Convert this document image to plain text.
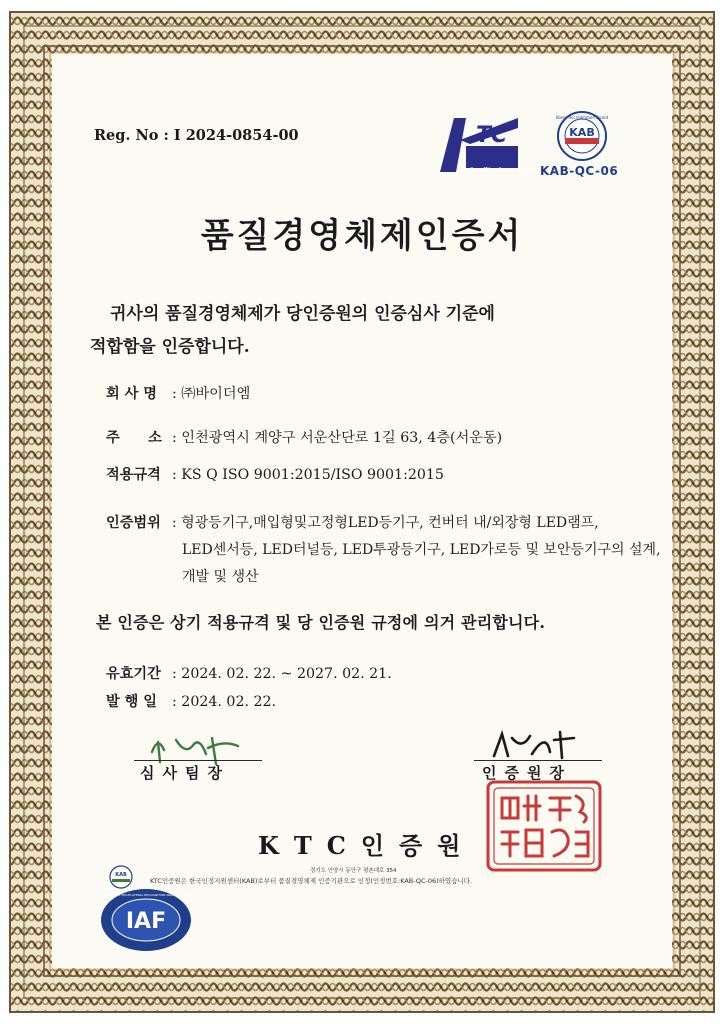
Reg. No : I 2024-0854-00	TC
Quality Assurance
Korea Accreditation Board
KAB
KAB-QC-06
품질경영체제인증서
귀사의 품질경영체제가 당인증원의 인증심사 기준에
적합함을 인증합니다.
회 사 명 : ㈜바이더엠
주　　소 : 인천광역시 계양구 서운산단로 1길 63, 4층(서운동)
적용규격 : KS Q ISO 9001:2015/ISO 9001:2015
인증범위 : 형광등기구,매입형및고정형LED등기구, 컨버터 내/외장형 LED램프,
LED센서등, LED터널등, LED투광등기구, LED가로등 및 보안등기구의 설계,
개발 및 생산
본 인증은 상기 적용규격 및 당 인증원 규정에 의거 관리합니다.
유효기간 : 2024. 02. 22. ~ 2027. 02. 21.
발 행 일 : 2024. 02. 22.
심사팀장	인증원장
KTC인증원
KAB
경기도 안양시 동안구 평촌대로 354
KTC인증원은 한국인정지원센터(KAB)로부터 품질경영체제 인증기관으로 인정(인정번호:KAB-QC-06)하였습니다.
MEMBER OF MULTILATERAL RECOGNITION ARRANGEMENT
IAF
